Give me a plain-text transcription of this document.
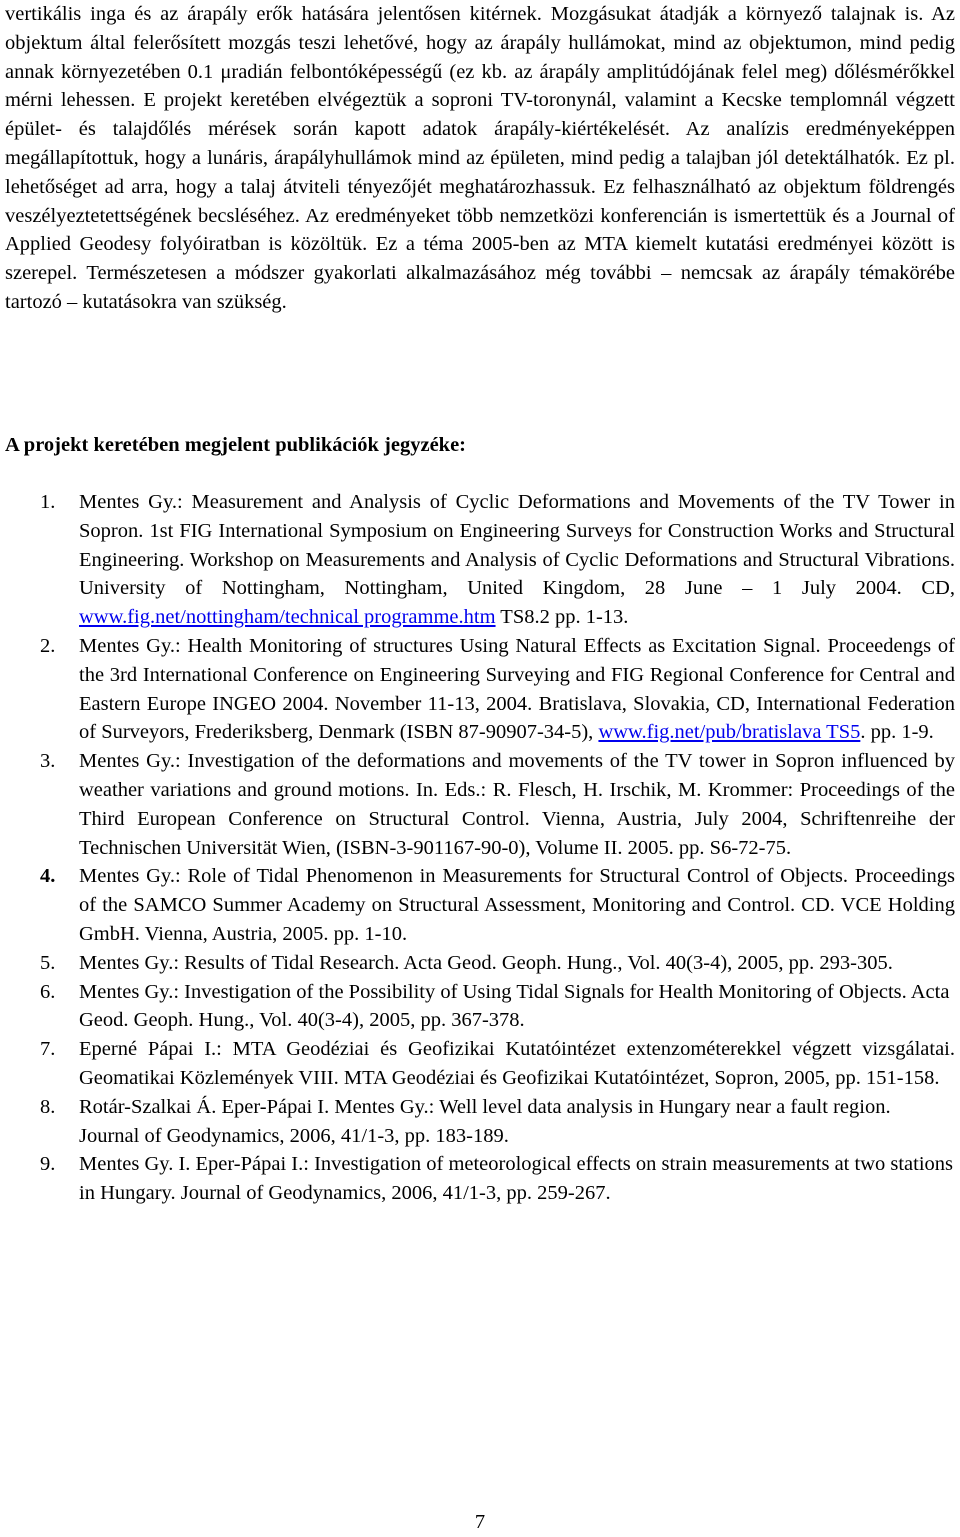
vertikális inga és az árapály erők hatására jelentősen kitérnek. Mozgásukat átadják a környező talajnak is. Az objektum által felerősített mozgás teszi lehetővé, hogy az árapály hullámokat, mind az objektumon, mind pedig annak környezetében 0.1 μradián felbontóképességű (ez kb. az árapály amplitúdójának felel meg) dőlésmérőkkel mérni lehessen. E projekt keretében elvégeztük a soproni TV-toronynál, valamint a Kecske templomnál végzett épület- és talajdőlés mérések során kapott adatok árapály-kiértékelését. Az analízis eredményeképpen megállapítottuk, hogy a lunáris, árapályhullámok mind az épületen, mind pedig a talajban jól detektálhatók. Ez pl. lehetőséget ad arra, hogy a talaj átviteli tényezőjét meghatározhassuk. Ez felhasználható az objektum földrengés veszélyeztetettségének becsléséhez. Az eredményeket több nemzetközi konferencián is ismertettük és a Journal of Applied Geodesy folyóiratban is közöltük. Ez a téma 2005-ben az MTA kiemelt kutatási eredményei között is szerepel. Természetesen a módszer gyakorlati alkalmazásához még további – nemcsak az árapály témakörébe tartozó – kutatásokra van szükség.

A projekt keretében megjelent publikációk jegyzéke:
1. Mentes Gy.: Measurement and Analysis of Cyclic Deformations and Movements of the TV Tower in Sopron. 1st FIG International Symposium on Engineering Surveys for Construction Works and Structural Engineering. Workshop on Measurements and Analysis of Cyclic Deformations and Structural Vibrations. University of Nottingham, Nottingham, United Kingdom, 28 June – 1 July 2004. CD, www.fig.net/nottingham/technical programme.htm TS8.2 pp. 1-13.
2. Mentes Gy.: Health Monitoring of structures Using Natural Effects as Excitation Signal. Proceedengs of the 3rd International Conference on Engineering Surveying and FIG Regional Conference for Central and Eastern Europe INGEO 2004. November 11-13, 2004. Bratislava, Slovakia, CD, International Federation of Surveyors, Frederiksberg, Denmark (ISBN 87-90907-34-5), www.fig.net/pub/bratislava TS5. pp. 1-9.
3. Mentes Gy.: Investigation of the deformations and movements of the TV tower in Sopron influenced by weather variations and ground motions. In. Eds.: R. Flesch, H. Irschik, M. Krommer: Proceedings of the Third European Conference on Structural Control. Vienna, Austria, July 2004, Schriftenreihe der Technischen Universität Wien, (ISBN-3-901167-90-0), Volume II. 2005. pp. S6-72-75.
4. Mentes Gy.: Role of Tidal Phenomenon in Measurements for Structural Control of Objects. Proceedings of the SAMCO Summer Academy on Structural Assessment, Monitoring and Control. CD. VCE Holding GmbH. Vienna, Austria, 2005. pp. 1-10.
5. Mentes Gy.: Results of Tidal Research. Acta Geod. Geoph. Hung., Vol. 40(3-4), 2005, pp. 293-305.
6. Mentes Gy.: Investigation of the Possibility of Using Tidal Signals for Health Monitoring of Objects. Acta Geod. Geoph. Hung., Vol. 40(3-4), 2005, pp. 367-378.
7. Eperné Pápai I.: MTA Geodéziai és Geofizikai Kutatóintézet extenzométerekkel végzett vizsgálatai. Geomatikai Közlemények VIII. MTA Geodéziai és Geofizikai Kutatóintézet, Sopron, 2005, pp. 151-158.
8. Rotár-Szalkai Á. Eper-Pápai I. Mentes Gy.: Well level data analysis in Hungary near a fault region. Journal of Geodynamics, 2006, 41/1-3, pp. 183-189.
9. Mentes Gy. I. Eper-Pápai I.: Investigation of meteorological effects on strain measurements at two stations in Hungary. Journal of Geodynamics, 2006, 41/1-3, pp. 259-267.
7
